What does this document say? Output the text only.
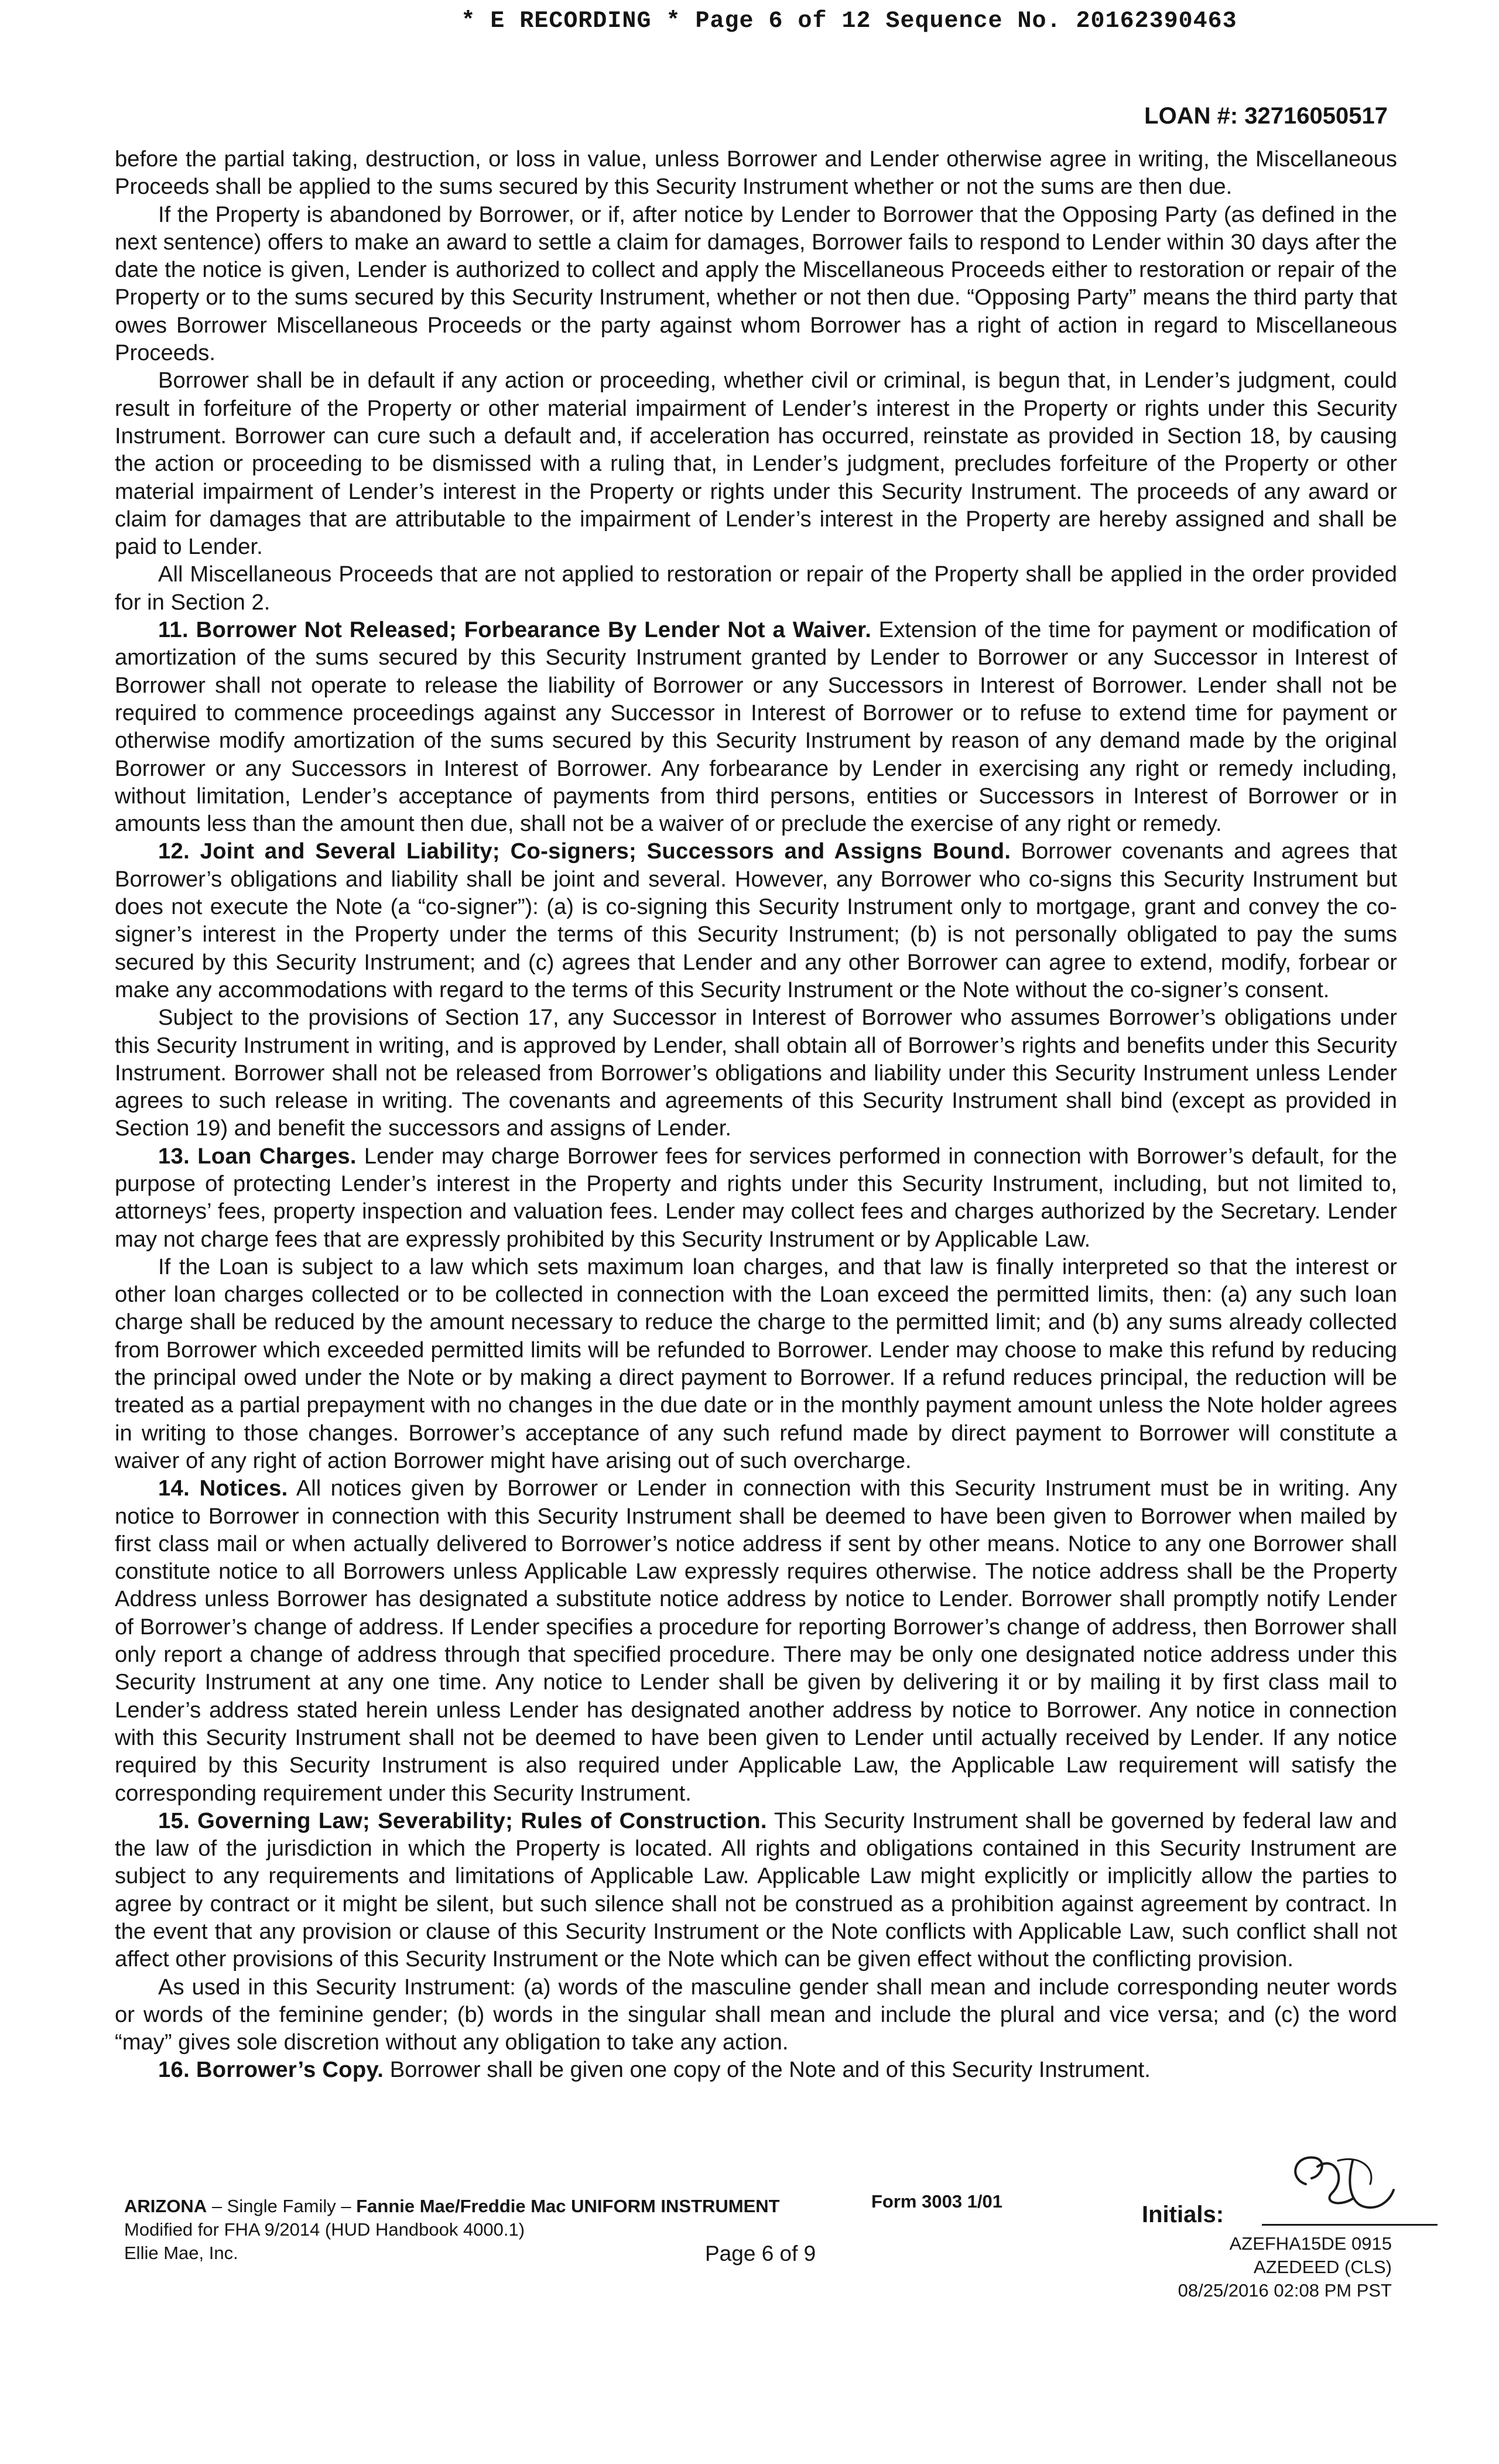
* E RECORDING * Page 6 of 12 Sequence No. 20162390463
LOAN #: 32716050517

before the partial taking, destruction, or loss in value, unless Borrower and Lender otherwise agree in writing, the Miscellaneous Proceeds shall be applied to the sums secured by this Security Instrument whether or not the sums are then due.

If the Property is abandoned by Borrower, or if, after notice by Lender to Borrower that the Opposing Party (as defined in the next sentence) offers to make an award to settle a claim for damages, Borrower fails to respond to Lender within 30 days after the date the notice is given, Lender is authorized to collect and apply the Miscellaneous Proceeds either to restoration or repair of the Property or to the sums secured by this Security Instrument, whether or not then due. “Opposing Party” means the third party that owes Borrower Miscellaneous Proceeds or the party against whom Borrower has a right of action in regard to Miscellaneous Proceeds.

Borrower shall be in default if any action or proceeding, whether civil or criminal, is begun that, in Lender’s judgment, could result in forfeiture of the Property or other material impairment of Lender’s interest in the Property or rights under this Security Instrument. Borrower can cure such a default and, if acceleration has occurred, reinstate as provided in Section 18, by causing the action or proceeding to be dismissed with a ruling that, in Lender’s judgment, precludes forfeiture of the Property or other material impairment of Lender’s interest in the Property or rights under this Security Instrument. The proceeds of any award or claim for damages that are attributable to the impairment of Lender’s interest in the Property are hereby assigned and shall be paid to Lender.

All Miscellaneous Proceeds that are not applied to restoration or repair of the Property shall be applied in the order provided for in Section 2.

11. Borrower Not Released; Forbearance By Lender Not a Waiver. Extension of the time for payment or modification of amortization of the sums secured by this Security Instrument granted by Lender to Borrower or any Successor in Interest of Borrower shall not operate to release the liability of Borrower or any Successors in Interest of Borrower. Lender shall not be required to commence proceedings against any Successor in Interest of Borrower or to refuse to extend time for payment or otherwise modify amortization of the sums secured by this Security Instrument by reason of any demand made by the original Borrower or any Successors in Interest of Borrower. Any forbearance by Lender in exercising any right or remedy including, without limitation, Lender’s acceptance of payments from third persons, entities or Successors in Interest of Borrower or in amounts less than the amount then due, shall not be a waiver of or preclude the exercise of any right or remedy.

12. Joint and Several Liability; Co-signers; Successors and Assigns Bound. Borrower covenants and agrees that Borrower’s obligations and liability shall be joint and several. However, any Borrower who co-signs this Security Instrument but does not execute the Note (a “co-signer”): (a) is co-signing this Security Instrument only to mortgage, grant and convey the co-signer’s interest in the Property under the terms of this Security Instrument; (b) is not personally obligated to pay the sums secured by this Security Instrument; and (c) agrees that Lender and any other Borrower can agree to extend, modify, forbear or make any accommodations with regard to the terms of this Security Instrument or the Note without the co-signer’s consent.

Subject to the provisions of Section 17, any Successor in Interest of Borrower who assumes Borrower’s obligations under this Security Instrument in writing, and is approved by Lender, shall obtain all of Borrower’s rights and benefits under this Security Instrument. Borrower shall not be released from Borrower’s obligations and liability under this Security Instrument unless Lender agrees to such release in writing. The covenants and agreements of this Security Instrument shall bind (except as provided in Section 19) and benefit the successors and assigns of Lender.

13. Loan Charges. Lender may charge Borrower fees for services performed in connection with Borrower’s default, for the purpose of protecting Lender’s interest in the Property and rights under this Security Instrument, including, but not limited to, attorneys’ fees, property inspection and valuation fees. Lender may collect fees and charges authorized by the Secretary. Lender may not charge fees that are expressly prohibited by this Security Instrument or by Applicable Law.

If the Loan is subject to a law which sets maximum loan charges, and that law is finally interpreted so that the interest or other loan charges collected or to be collected in connection with the Loan exceed the permitted limits, then: (a) any such loan charge shall be reduced by the amount necessary to reduce the charge to the permitted limit; and (b) any sums already collected from Borrower which exceeded permitted limits will be refunded to Borrower. Lender may choose to make this refund by reducing the principal owed under the Note or by making a direct payment to Borrower. If a refund reduces principal, the reduction will be treated as a partial prepayment with no changes in the due date or in the monthly payment amount unless the Note holder agrees in writing to those changes. Borrower’s acceptance of any such refund made by direct payment to Borrower will constitute a waiver of any right of action Borrower might have arising out of such overcharge.

14. Notices. All notices given by Borrower or Lender in connection with this Security Instrument must be in writing. Any notice to Borrower in connection with this Security Instrument shall be deemed to have been given to Borrower when mailed by first class mail or when actually delivered to Borrower’s notice address if sent by other means. Notice to any one Borrower shall constitute notice to all Borrowers unless Applicable Law expressly requires otherwise. The notice address shall be the Property Address unless Borrower has designated a substitute notice address by notice to Lender. Borrower shall promptly notify Lender of Borrower’s change of address. If Lender specifies a procedure for reporting Borrower’s change of address, then Borrower shall only report a change of address through that specified procedure. There may be only one designated notice address under this Security Instrument at any one time. Any notice to Lender shall be given by delivering it or by mailing it by first class mail to Lender’s address stated herein unless Lender has designated another address by notice to Borrower. Any notice in connection with this Security Instrument shall not be deemed to have been given to Lender until actually received by Lender. If any notice required by this Security Instrument is also required under Applicable Law, the Applicable Law requirement will satisfy the corresponding requirement under this Security Instrument.

15. Governing Law; Severability; Rules of Construction. This Security Instrument shall be governed by federal law and the law of the jurisdiction in which the Property is located. All rights and obligations contained in this Security Instrument are subject to any requirements and limitations of Applicable Law. Applicable Law might explicitly or implicitly allow the parties to agree by contract or it might be silent, but such silence shall not be construed as a prohibition against agreement by contract. In the event that any provision or clause of this Security Instrument or the Note conflicts with Applicable Law, such conflict shall not affect other provisions of this Security Instrument or the Note which can be given effect without the conflicting provision.

As used in this Security Instrument: (a) words of the masculine gender shall mean and include corresponding neuter words or words of the feminine gender; (b) words in the singular shall mean and include the plural and vice versa; and (c) the word “may” gives sole discretion without any obligation to take any action.

16. Borrower’s Copy. Borrower shall be given one copy of the Note and of this Security Instrument.

ARIZONA – Single Family – Fannie Mae/Freddie Mac UNIFORM INSTRUMENT
Modified for FHA 9/2014 (HUD Handbook 4000.1)
Ellie Mae, Inc.
Form 3003 1/01
Page 6 of 9
Initials:
AZEFHA15DE 0915
AZEDEED (CLS)
08/25/2016 02:08 PM PST
